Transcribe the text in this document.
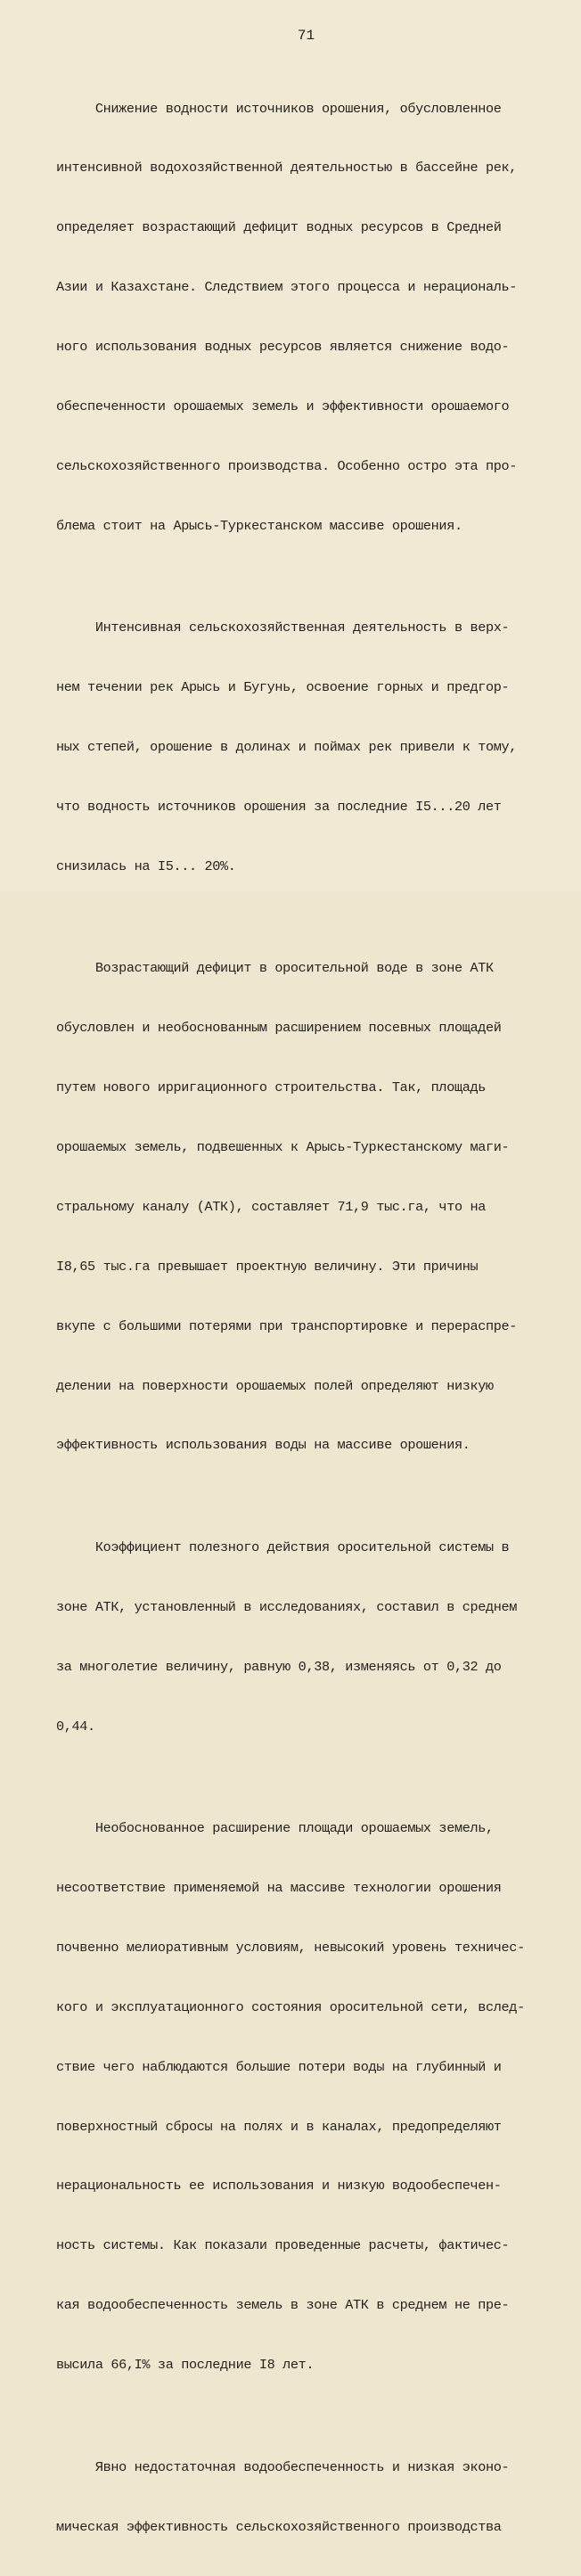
71

Снижение водности источников орошения, обусловленное

интенсивной водохозяйственной деятельностью в бассейне рек,

определяет возрастающий дефицит водных ресурсов в Средней

Азии и Казахстане. Следствием этого процесса и нерациональ-

ного использования водных ресурсов является снижение водо-

обеспеченности орошаемых земель и эффективности орошаемого

сельскохозяйственного производства. Особенно остро эта про-

блема стоит на Арысь-Туркестанском массиве орошения.

Интенсивная сельскохозяйственная деятельность в верх-

нем течении рек Арысь и Бугунь, освоение горных и предгор-

ных степей, орошение в долинах и поймах рек привели к тому,

что водность источников орошения за последние I5...20 лет

снизилась на I5... 20%.

Возрастающий дефицит в оросительной воде в зоне АТК

обусловлен и необоснованным расширением посевных площадей

путем нового ирригационного строительства. Так, площадь

орошаемых земель, подвешенных к Арысь-Туркестанскому маги-

стральному каналу (АТК), составляет 71,9 тыс.га, что на

I8,65 тыс.га превышает проектную величину. Эти причины

вкупе с большими потерями при транспортировке и перераспре-

делении на поверхности орошаемых полей определяют низкую

эффективность использования воды на массиве орошения.

Коэффициент полезного действия оросительной системы в

зоне АТК, установленный в исследованиях, составил в среднем

за многолетие величину, равную 0,38, изменяясь от 0,32 до

0,44.

Необоснованное расширение площади орошаемых земель,

несоответствие применяемой на массиве технологии орошения

почвенно мелиоративным условиям, невысокий уровень техничес-

кого и эксплуатационного состояния оросительной сети, вслед-

ствие чего наблюдаются большие потери воды на глубинный и

поверхностный сбросы на полях и в каналах, предопределяют

нерациональность ее использования и низкую водообеспечен-

ность системы. Как показали проведенные расчеты, фактичес-

кая водообеспеченность земель в зоне АТК в среднем не пре-

высила 66,I% за последние I8 лет.

Явно недостаточная водообеспеченность и низкая эконо-

мическая эффективность сельскохозяйственного производства
